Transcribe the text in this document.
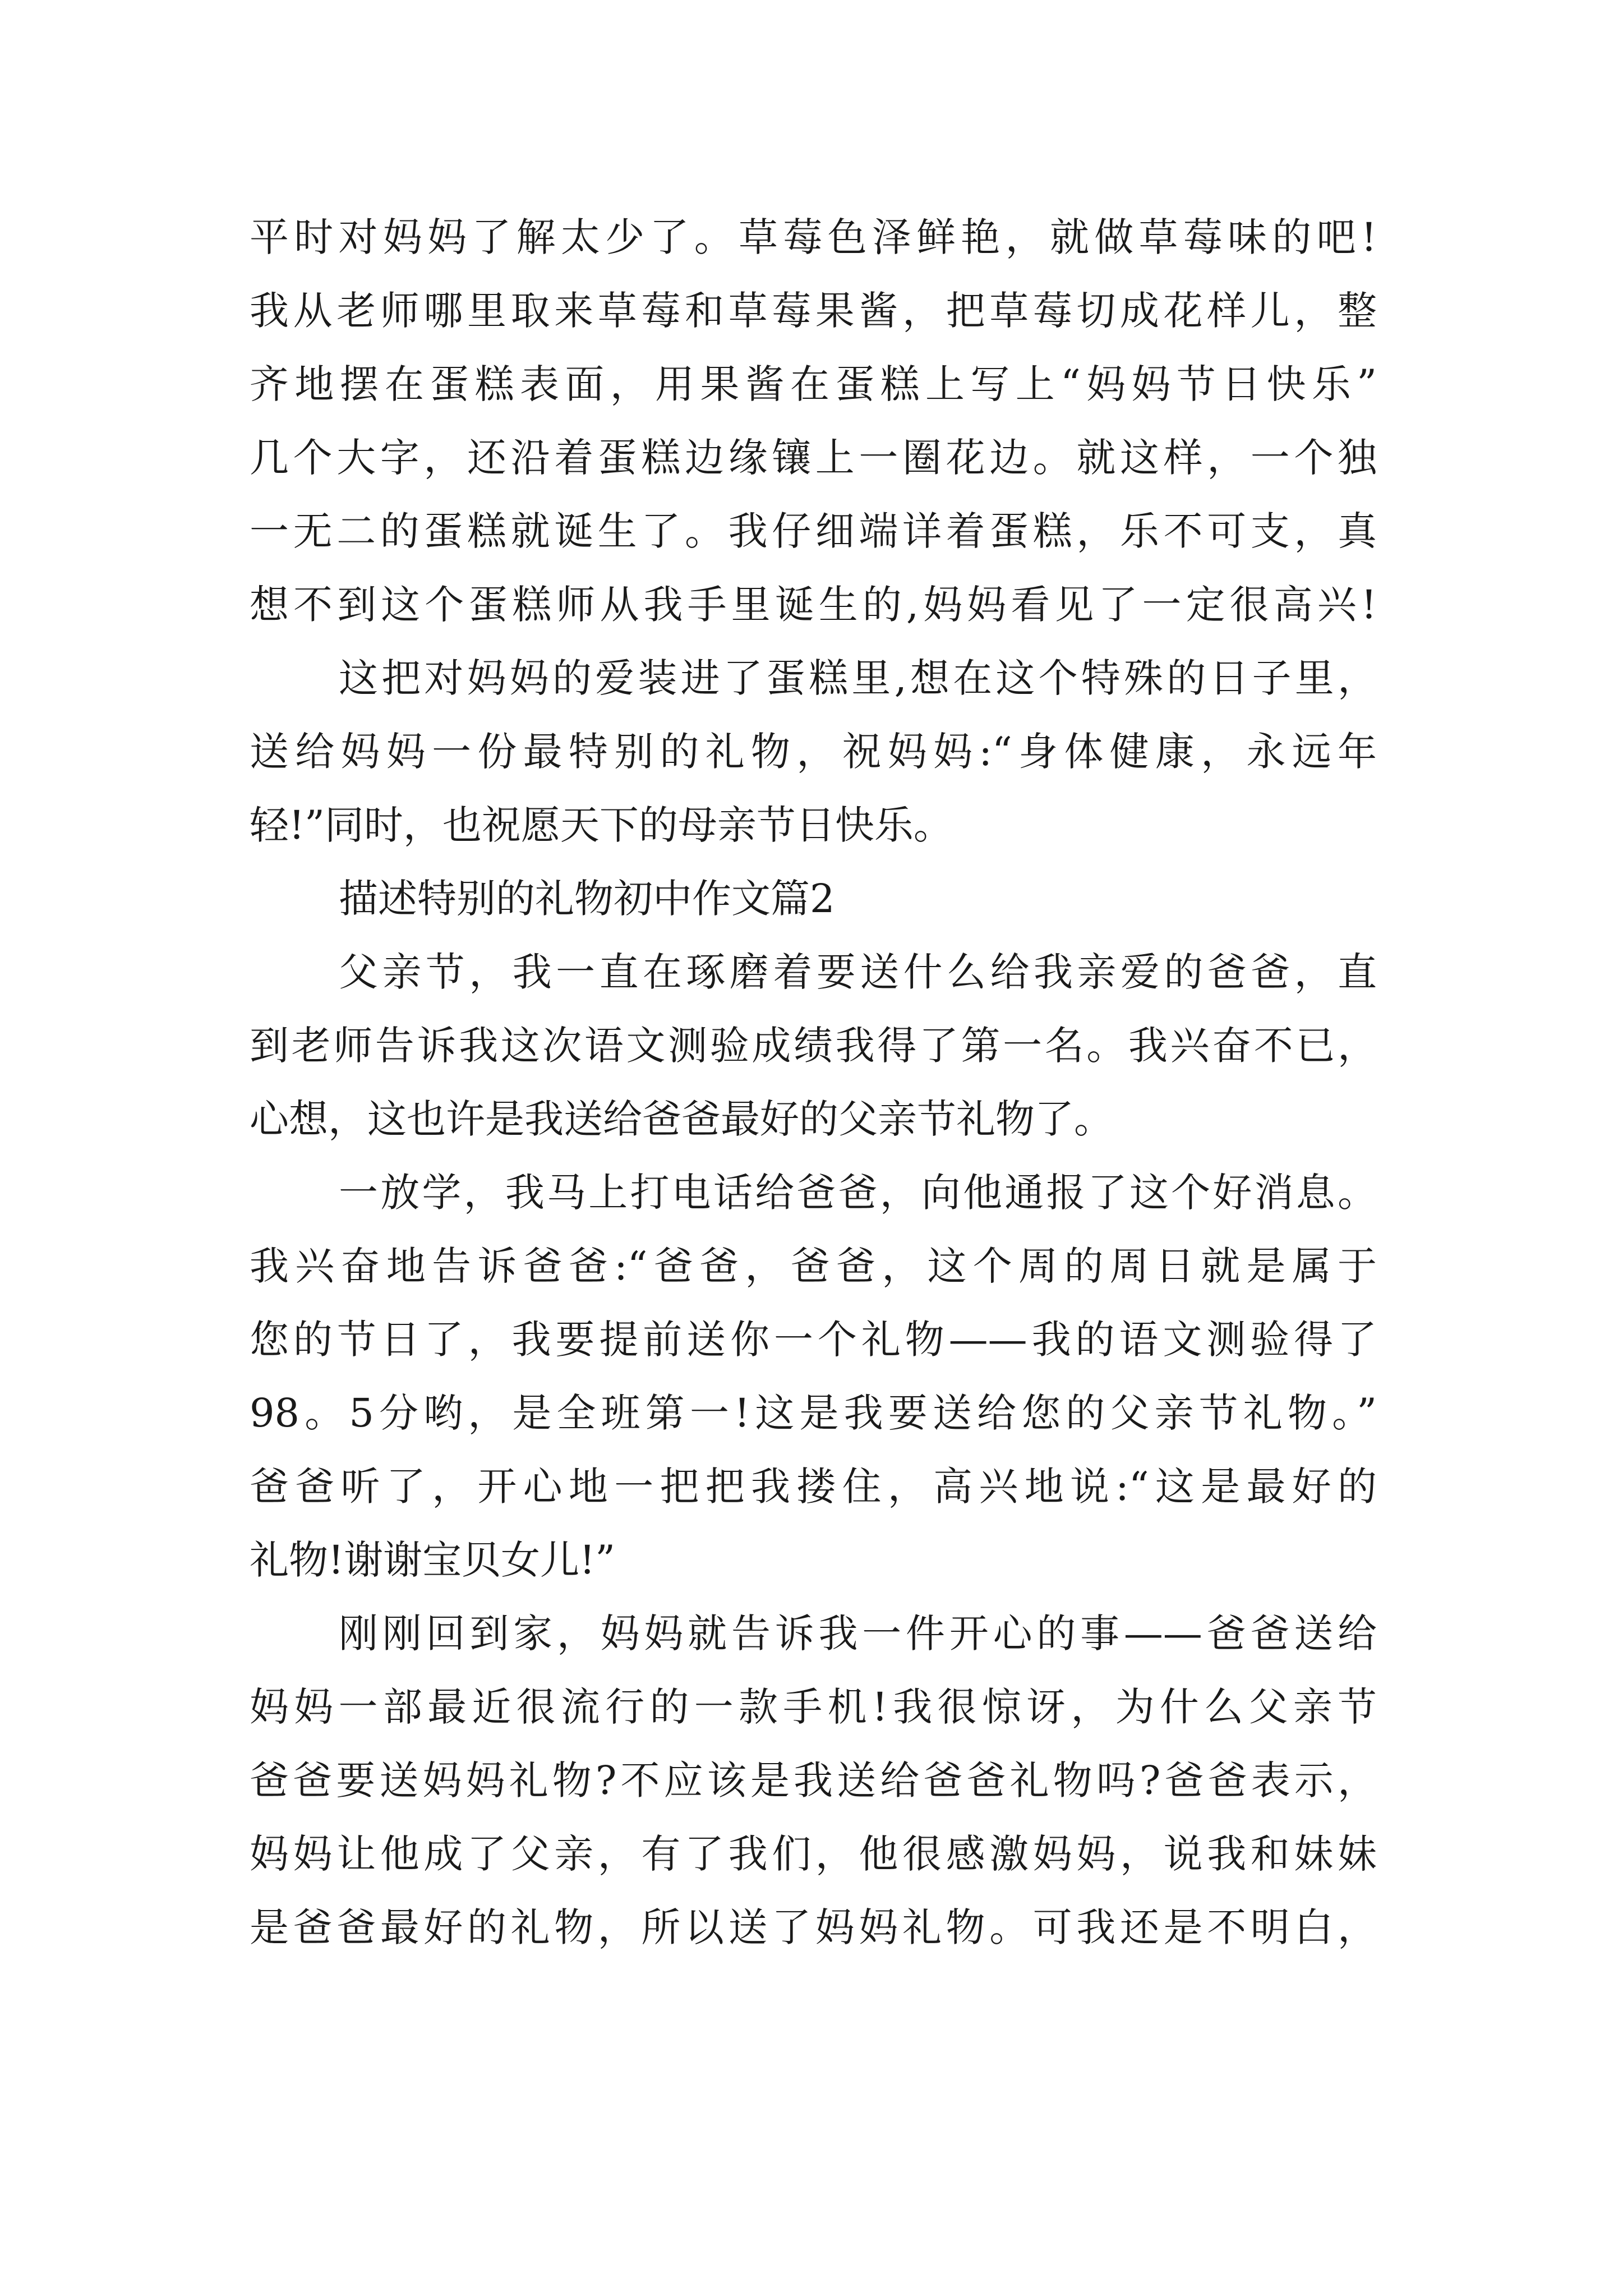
平时对妈妈了解太少了。草莓色泽鲜艳，就做草莓味的吧!
我从老师哪里取来草莓和草莓果酱，把草莓切成花样儿，整
齐地摆在蛋糕表面，用果酱在蛋糕上写上“妈妈节日快乐”
几个大字，还沿着蛋糕边缘镶上一圈花边。就这样，一个独
一无二的蛋糕就诞生了。我仔细端详着蛋糕，乐不可支，真
想不到这个蛋糕师从我手里诞生的,妈妈看见了一定很高兴!
这把对妈妈的爱装进了蛋糕里,想在这个特殊的日子里，
送给妈妈一份最特别的礼物，祝妈妈:“身体健康，永远年
轻!”同时，也祝愿天下的母亲节日快乐。
描述特别的礼物初中作文篇2
父亲节，我一直在琢磨着要送什么给我亲爱的爸爸，直
到老师告诉我这次语文测验成绩我得了第一名。我兴奋不已，
心想，这也许是我送给爸爸最好的父亲节礼物了。
一放学，我马上打电话给爸爸，向他通报了这个好消息。
我兴奋地告诉爸爸:“爸爸，爸爸，这个周的周日就是属于
您的节日了，我要提前送你一个礼物——我的语文测验得了
98。5分哟，是全班第一!这是我要送给您的父亲节礼物。”
爸爸听了，开心地一把把我搂住，高兴地说:“这是最好的
礼物!谢谢宝贝女儿!”
刚刚回到家，妈妈就告诉我一件开心的事——爸爸送给
妈妈一部最近很流行的一款手机!我很惊讶，为什么父亲节
爸爸要送妈妈礼物?不应该是我送给爸爸礼物吗?爸爸表示，
妈妈让他成了父亲，有了我们，他很感激妈妈，说我和妹妹
是爸爸最好的礼物，所以送了妈妈礼物。可我还是不明白，
